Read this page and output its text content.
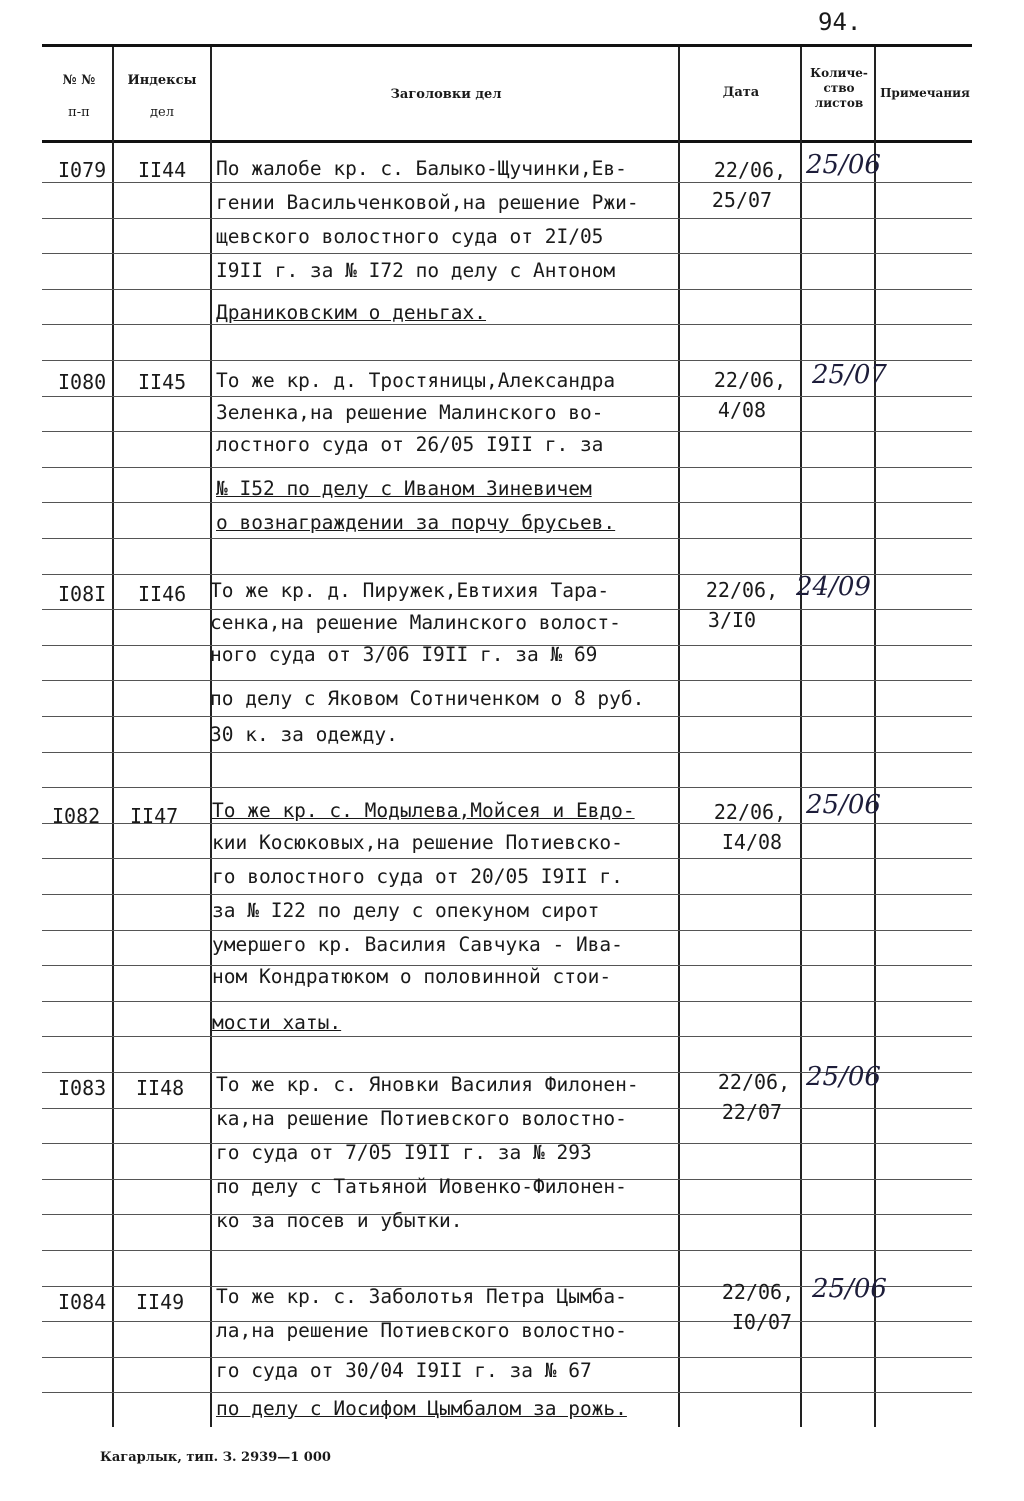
94.
№ №
п-п
Индексы
дел
Заголовки дел	Дата
Количе-
ство
листов
Примечания
I079 II44 По жалобе кр. с. Балыко-Щучинки,Ев-
гении Васильченковой,на решение Ржи-
щевского волостного суда от 2I/05
I9II г. за № I72 по делу с Антоном
Драниковским о деньгах.
22/06,
25/07
25/06
I080 II45 То же кр. д. Тростяницы,Александра
Зеленка,на решение Малинского во-
лостного суда от 26/05 I9II г. за
№ I52 по делу с Иваном Зиневичем
о вознаграждении за порчу брусьев.
22/06,
4/08
25/07
I08I II46 То же кр. д. Пиружек,Евтихия Тара-
сенка,на решение Малинского волост-
ного суда от 3/06 I9II г. за № 69
по делу с Яковом Сотниченком о 8 руб.
30 к. за одежду.
22/06,
3/I0
24/09
I082 II47 То же кр. с. Модылева,Мойсея и Евдо-
кии Косюковых,на решение Потиевско-
го волостного суда от 20/05 I9II г.
за № I22 по делу с опекуном сирот
умершего кр. Василия Савчука - Ива-
ном Кондратюком о половинной стои-
мости хаты.
22/06,
I4/08
25/06
I083 II48 То же кр. с. Яновки Василия Филонен-
ка,на решение Потиевского волостно-
го суда от 7/05 I9II г. за № 293
по делу с Татьяной Иовенко-Филонен-
ко за посев и убытки.
22/06,
22/07
25/06
I084 II49 То же кр. с. Заболотья Петра Цымба-
ла,на решение Потиевского волостно-
го суда от 30/04 I9II г. за № 67
по делу с Иосифом Цымбалом за рожь.
22/06,
I0/07
25/06
Кагарлык, тип. З. 2939—1 000
